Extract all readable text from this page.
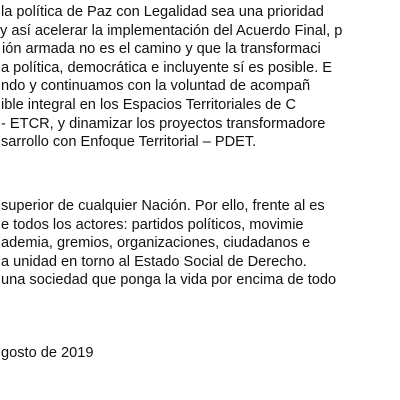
la política de Paz con Legalidad sea una prioridad
y así acelerar la implementación del Acuerdo Final, p
ión armada no es el camino y que la transformaci
a política, democrática e incluyente sí es posible. E
ndo y continuamos con la voluntad de acompañ
ible integral en los Espacios Territoriales de C
- ETCR, y dinamizar los proyectos transformadore
sarrollo con Enfoque Territorial – PDET.
superior de cualquier Nación. Por ello, frente al es
e todos los actores: partidos políticos, movimie
ademia, gremios, organizaciones, ciudadanos e
a unidad en torno al Estado Social de Derecho.
una sociedad que ponga la vida por encima de todo
gosto de 2019
